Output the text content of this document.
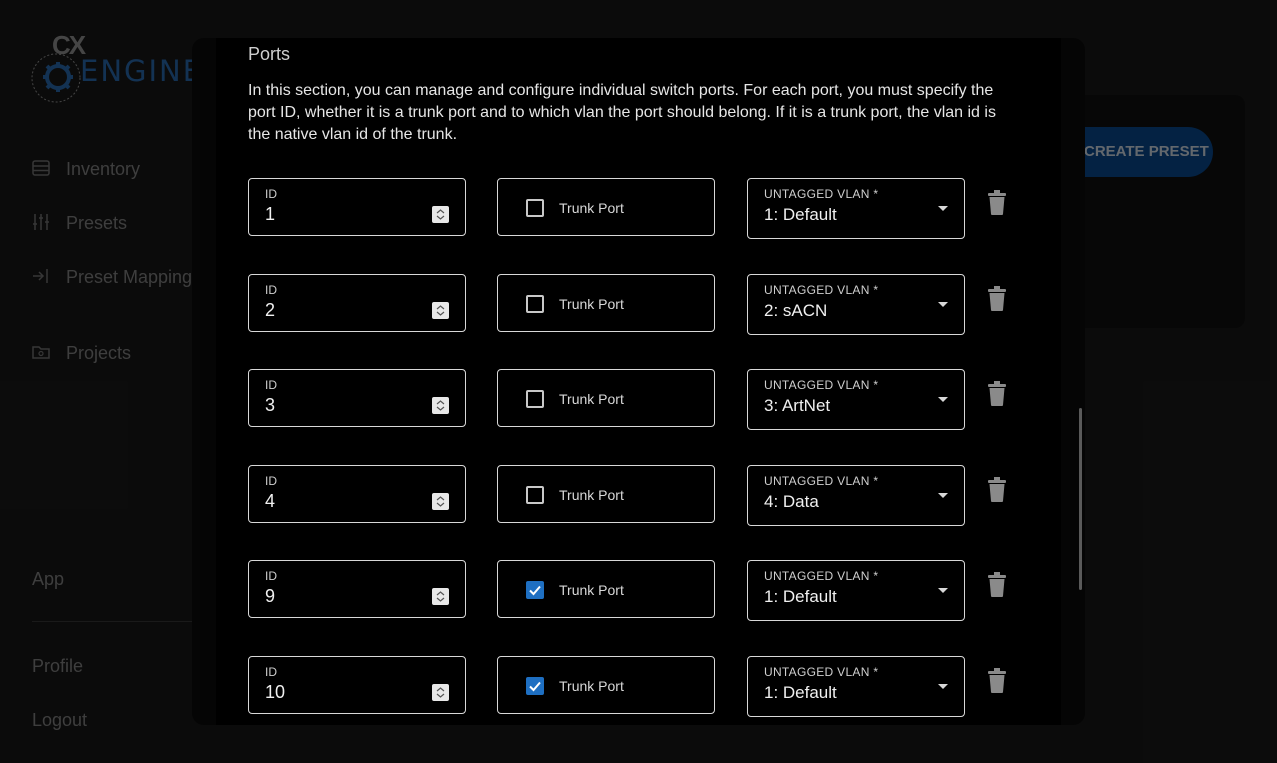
Ports
In this section, you can manage and configure individual switch ports. For each port, you must specify the port ID, whether it is a trunk port and to which vlan the port should belong. If it is a trunk port, the vlan id is the native vlan id of the trunk.
ID
1	Trunk Port
UNTAGGED VLAN *
1: Default
ID
2	Trunk Port
UNTAGGED VLAN *
2: sACN
ID
3	Trunk Port
UNTAGGED VLAN *
3: ArtNet
ID
4	Trunk Port
UNTAGGED VLAN *
4: Data
ID
9	Trunk Port
UNTAGGED VLAN *
1: Default
ID
10	Trunk Port
UNTAGGED VLAN *
1: Default
